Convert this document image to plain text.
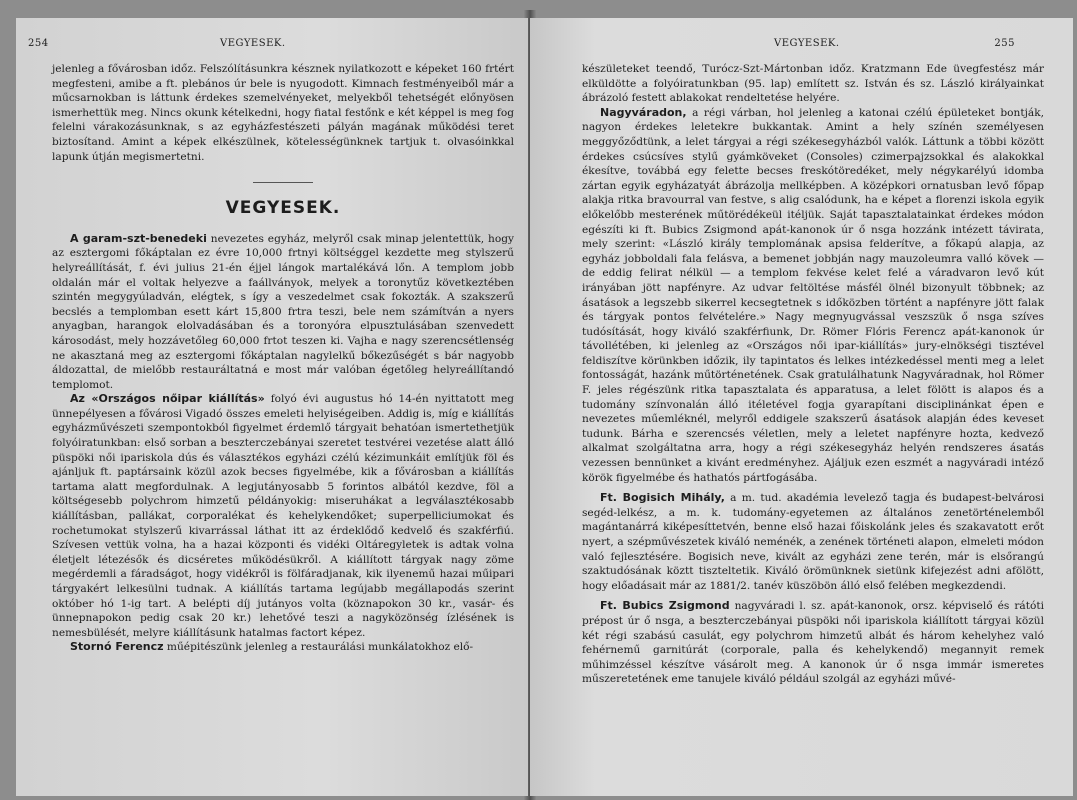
254	VEGYESEK.

jelenleg a fővárosban időz. Felszólításunkra késznek nyilatkozott e képeket 160 frtért megfesteni, amibe a ft. plebános úr bele is nyugodott. Kimnach festményeiből már a műcsarnokban is láttunk érdekes szemelvényeket, melyekből tehetségét előnyösen ismerhettük meg. Nincs okunk kételkedni, hogy fiatal festőnk e két képpel is meg fog felelni várakozásunknak, s az egyházfestészeti pályán magának működési teret biztosítand. Amint a képek elkészülnek, kötelességünknek tartjuk t. olvasóinkkal lapunk útján megismertetni.

VEGYESEK.

A garam-szt-benedeki nevezetes egyház, melyről csak minap jelentettük, hogy az esztergomi főkáptalan ez évre 10,000 frtnyi költséggel kezdette meg stylszerű helyreállítását, f. évi julius 21-én éjjel lángok martalékává lőn. A templom jobb oldalán már el voltak helyezve a faállványok, melyek a toronytűz következtében szintén megygyúladván, elégtek, s így a veszedelmet csak fokozták. A szakszerű becslés a templomban esett kárt 15,800 frtra teszi, bele nem számítván a nyers anyagban, harangok elolvadásában és a toronyóra elpusztulásában szenvedett károsodást, mely hozzávetőleg 60,000 frtot teszen ki. Vajha e nagy szerencsétlenség ne akasztaná meg az esztergomi főkáptalan nagylelkű bőkezűségét s bár nagyobb áldozattal, de mielőbb restauráltatná e most már valóban égetőleg helyreállítandó templomot.

Az «Országos nőipar kiállítás» folyó évi augustus hó 14-én nyittatott meg ünnepélyesen a fővárosi Vigadó összes emeleti helyiségeiben. Addig is, míg e kiállítás egyházművészeti szempontokból figyelmet érdemlő tárgyait behatóan ismertethetjük folyóiratunkban: első sorban a beszterczebányai szeretet testvérei vezetése alatt álló püspöki női ipariskola dús és választékos egyházi czélú kézimunkáit említjük föl és ajánljuk ft. paptársaink közül azok becses figyelmébe, kik a fővárosban a kiállítás tartama alatt megfordulnak. A legjutányosabb 5 forintos albától kezdve, föl a költségesebb polychrom himzetű példányokig: miseruhákat a legválasztékosabb kiállításban, pallákat, corporalékat és kehelykendőket; superpelliciumokat és rochetumokat stylszerű kivarrással láthat itt az érdeklődő kedvelő és szakférfiú. Szívesen vettük volna, ha a hazai központi és vidéki Oltáregyletek is adtak volna életjelt létezésők és dicséretes működésükről. A kiállított tárgyak nagy zöme megérdemli a fáradságot, hogy vidékről is fölfáradjanak, kik ilyenemű hazai műipari tárgyakért lelkesülni tudnak. A kiállítás tartama legújabb megállapodás szerint október hó 1-ig tart. A belépti díj jutányos volta (köznapokon 30 kr., vasár- és ünnepnapokon pedig csak 20 kr.) lehetővé teszi a nagyközönség ízlésének is nemesbülését, melyre kiállításunk hatalmas factort képez.

Stornó Ferencz műépitészünk jelenleg a restaurálási munkálatokhoz elő-

VEGYESEK.	255

készületeket teendő, Turócz-Szt-Mártonban időz. Kratzmann Ede üvegfestész már elküldötte a folyóiratunkban (95. lap) említett sz. István és sz. László királyainkat ábrázoló festett ablakokat rendeltetése helyére.

Nagyváradon, a régi várban, hol jelenleg a katonai czélú épületeket bontják, nagyon érdekes leletekre bukkantak. Amint a hely színén személyesen meggyőződtünk, a lelet tárgyai a régi székesegyházból valók. Láttunk a többi között érdekes csúcsíves stylű gyámköveket (Consoles) czimerpajzsokkal és alakokkal ékesítve, továbbá egy felette becses freskótöredéket, mely négykarélyú idomba zártan egyik egyházatyát ábrázolja mellképben. A középkori ornatusban levő főpap alakja ritka bravourral van festve, s alig csalódunk, ha e képet a florenzi iskola egyik előkelőbb mesterének műtörédékeül itéljük. Saját tapasztalatainkat érdekes módon egészíti ki ft. Bubics Zsigmond apát-kanonok úr ő nsga hozzánk intézett távirata, mely szerint: «László király templomának apsisa felderítve, a főkapú alapja, az egyház jobboldali fala felásva, a bemenet jobbján nagy mauzoleumra valló kövek — de eddig felirat nélkül — a templom fekvése kelet felé a váradvaron levő kút irányában jött napfényre. Az udvar feltöltése másfél ölnél bizonyult többnek; az ásatások a legszebb sikerrel kecsegtetnek s időközben történt a napfényre jött falak és tárgyak pontos felvételére.» Nagy megnyugvással veszszük ő nsga szíves tudósítását, hogy kiváló szakférfiunk, Dr. Römer Flóris Ferencz apát-kanonok úr távollétében, ki jelenleg az «Országos női ipar-kiállítás» jury-elnökségi tisztével feldiszítve körünkben időzik, ily tapintatos és lelkes intézkedéssel menti meg a lelet fontosságát, hazánk műtörténetének. Csak gratulálhatunk Nagyváradnak, hol Römer F. jeles régészünk ritka tapasztalata és apparatusa, a lelet fölött is alapos és a tudomány színvonalán álló itéletével fogja gyarapítani disciplinánkat épen e nevezetes műemléknél, melyről eddigele szakszerű ásatások alapján édes keveset tudunk. Bárha e szerencsés véletlen, mely a leletet napfényre hozta, kedvező alkalmat szolgáltatna arra, hogy a régi székesegyház helyén rendszeres ásatás vezessen bennünket a kivánt eredményhez. Ajáljuk ezen eszmét a nagyváradi intéző körök figyelmébe és hathatós pártfogásába.

Ft. Bogisich Mihály, a m. tud. akadémia levelező tagja és budapest-belvárosi segéd-lelkész, a m. k. tudomány-egyetemen az általános zenetörténelemből magántanárrá kiképesíttetvén, benne első hazai főiskolánk jeles és szakavatott erőt nyert, a szépművészetek kiváló neménék, a zenének történeti alapon, elmeleti módon való fejlesztésére. Bogisich neve, kivált az egyházi zene terén, már is elsőrangú szaktudósának köztt tiszteltetik. Kiváló örömünknek sietünk kifejezést adni afölött, hogy előadásait már az 1881/2. tanév küszöbön álló első felében megkezdendi.

Ft. Bubics Zsigmond nagyváradi l. sz. apát-kanonok, orsz. képviselő és rátóti prépost úr ő nsga, a beszterczebányai püspöki női ipariskola kiállított tárgyai közül két régi szabású casulát, egy polychrom himzetű albát és három kehelyhez való fehérnemű garnitúrát (corporale, palla és kehelykendő) megannyit remek műhimzéssel készítve vásárolt meg. A kanonok úr ő nsga immár ismeretes műszeretetének eme tanujele kiváló például szolgál az egyházi művé-
